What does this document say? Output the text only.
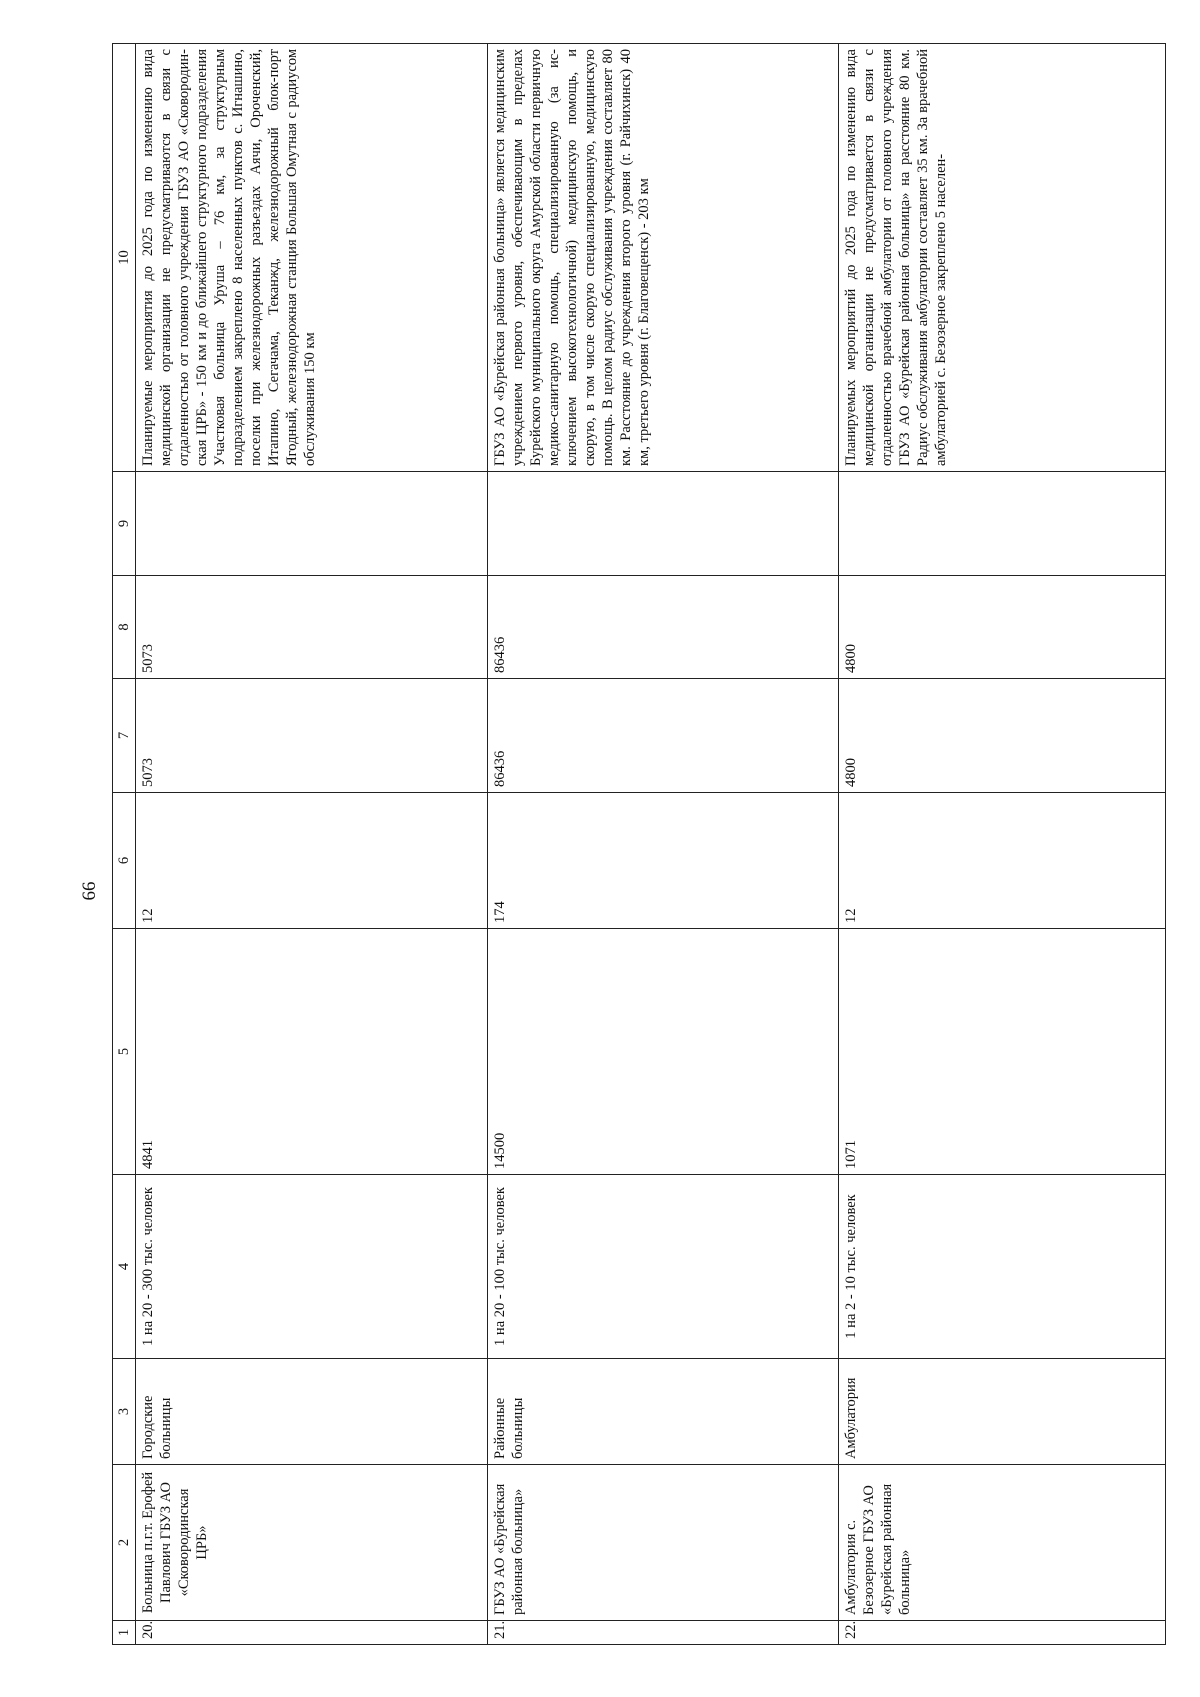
66
1	2	3	4	5	6	7	8	9	10
20.	Больница п.г.т. Ерофей Павлович ГБУЗ АО «Сковородинская ЦРБ»	Городские больницы	1 на 20 - 300 тыс. человек	4841	12	5073	5073		Планируемые мероприятия до 2025 года по изменению вида медицинской организации не предусматриваются в связи с отдаленностью от головного учреждения ГБУЗ АО «Сковородинская ЦРБ» - 150 км и до ближайшего структурного подразделения Участковая больница Уруша – 76 км, за структурным подразделением закреплено 8 населенных пунктов с. Игнашино, поселки при железнодорожных разъездах Аячи, Ороченский, Итапино, Сегачама, Теканжд, железнодорожный блок-порт Ягодный, железнодорожная станция Большая Омутная с радиусом обслуживания 150 км
21.	ГБУЗ АО «Бурейская районная больница»	Районные больницы	1 на 20 - 100 тыс. человек	14500	174	86436	86436		ГБУЗ АО «Бурейская районная больница» является медицинским учреждением первого уровня, обеспечивающим в пределах Бурейского муниципального округа Амурской области первичную медико-санитарную помощь, специализированную (за исключением высокотехнологичной) медицинскую помощь, и скорую, в том числе скорую специализированную, медицинскую помощь. В целом радиус обслуживания учреждения составляет 80 км. Расстояние до учреждения второго уровня (г. Райчихинск) 40 км, третьего уровня (г. Благовещенск) - 203 км
22.	Амбулатория с. Безозерное ГБУЗ АО «Бурейская районная больница»	Амбулатория	1 на 2 - 10 тыс. человек	1071	12	4800	4800		Планируемых мероприятий до 2025 года по изменению вида медицинской организации не предусматривается в связи с отдаленностью врачебной амбулатории от головного учреждения ГБУЗ АО «Бурейская районная больница» на расстояние 80 км. Радиус обслуживания амбулатории составляет 35 км. За врачебной амбулаторией с. Безозерное закреплено 5 населен-
